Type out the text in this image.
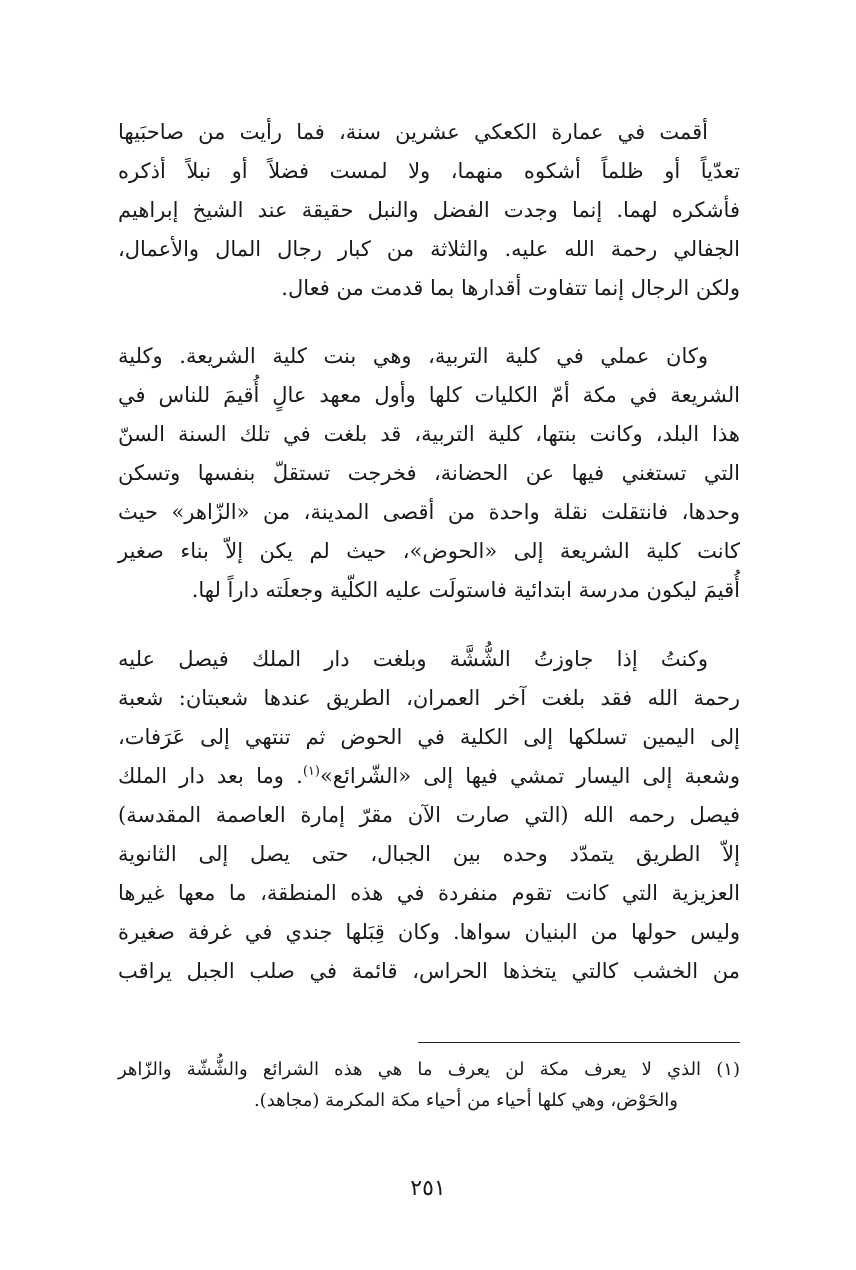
أقمت في عمارة الكعكي عشرين سنة، فما رأيت من صاحبَيها
تعدّياً أو ظلماً أشكوه منهما، ولا لمست فضلاً أو نبلاً أذكره
فأشكره لهما. إنما وجدت الفضل والنبل حقيقة عند الشيخ إبراهيم
الجفالي رحمة الله عليه. والثلاثة من كبار رجال المال والأعمال،
ولكن الرجال إنما تتفاوت أقدارها بما قدمت من فعال.
وكان عملي في كلية التربية، وهي بنت كلية الشريعة. وكلية
الشريعة في مكة أمّ الكليات كلها وأول معهد عالٍ أُقيمَ للناس في
هذا البلد، وكانت بنتها، كلية التربية، قد بلغت في تلك السنة السنّ
التي تستغني فيها عن الحضانة، فخرجت تستقلّ بنفسها وتسكن
وحدها، فانتقلت نقلة واحدة من أقصى المدينة، من «الزّاهر» حيث
كانت كلية الشريعة إلى «الحوض»، حيث لم يكن إلاّ بناء صغير
أُقيمَ ليكون مدرسة ابتدائية فاستولَت عليه الكلّية وجعلَته داراً لها.
وكنتُ إذا جاوزتُ الشُّشَّة وبلغت دار الملك فيصل عليه
رحمة الله فقد بلغت آخر العمران، الطريق عندها شعبتان: شعبة
إلى اليمين تسلكها إلى الكلية في الحوض ثم تنتهي إلى عَرَفات،
وشعبة إلى اليسار تمشي فيها إلى «الشّرائع»$^{(١)}$. وما بعد دار الملك
فيصل رحمه الله (التي صارت الآن مقرّ إمارة العاصمة المقدسة)
إلاّ الطريق يتمدّد وحده بين الجبال، حتى يصل إلى الثانوية
العزيزية التي كانت تقوم منفردة في هذه المنطقة، ما معها غيرها
وليس حولها من البنيان سواها. وكان قِبَلها جندي في غرفة صغيرة
من الخشب كالتي يتخذها الحراس، قائمة في صلب الجبل يراقب
(١) الذي لا يعرف مكة لن يعرف ما هي هذه الشرائع والشُّشّة والزّاهر
والحَوْض، وهي كلها أحياء من أحياء مكة المكرمة (مجاهد).
٢٥١
